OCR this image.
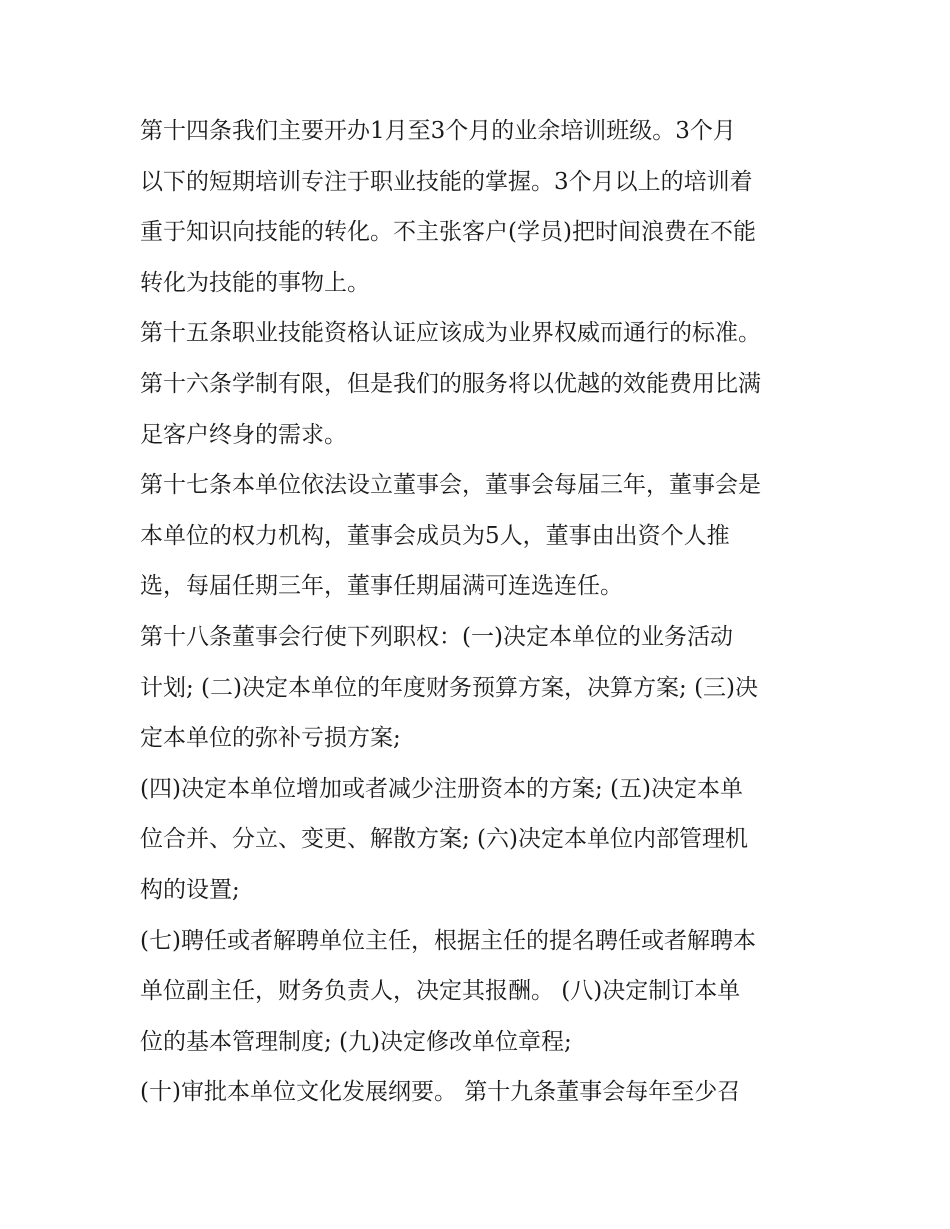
第十四条我们主要开办1月至3个月的业余培训班级。3个月
以下的短期培训专注于职业技能的掌握。3个月以上的培训着
重于知识向技能的转化。不主张客户(学员)把时间浪费在不能
转化为技能的事物上。
第十五条职业技能资格认证应该成为业界权威而通行的标准。
第十六条学制有限，但是我们的服务将以优越的效能费用比满
足客户终身的需求。
第十七条本单位依法设立董事会，董事会每届三年，董事会是
本单位的权力机构，董事会成员为5人，董事由出资个人推
选，每届任期三年，董事任期届满可连选连任。
第十八条董事会行使下列职权：(一)决定本单位的业务活动
计划; (二)决定本单位的年度财务预算方案，决算方案; (三)决
定本单位的弥补亏损方案;
(四)决定本单位增加或者减少注册资本的方案; (五)决定本单
位合并、分立、变更、解散方案; (六)决定本单位内部管理机
构的设置;
(七)聘任或者解聘单位主任，根据主任的提名聘任或者解聘本
单位副主任，财务负责人，决定其报酬。 (八)决定制订本单
位的基本管理制度; (九)决定修改单位章程;
(十)审批本单位文化发展纲要。 第十九条董事会每年至少召
